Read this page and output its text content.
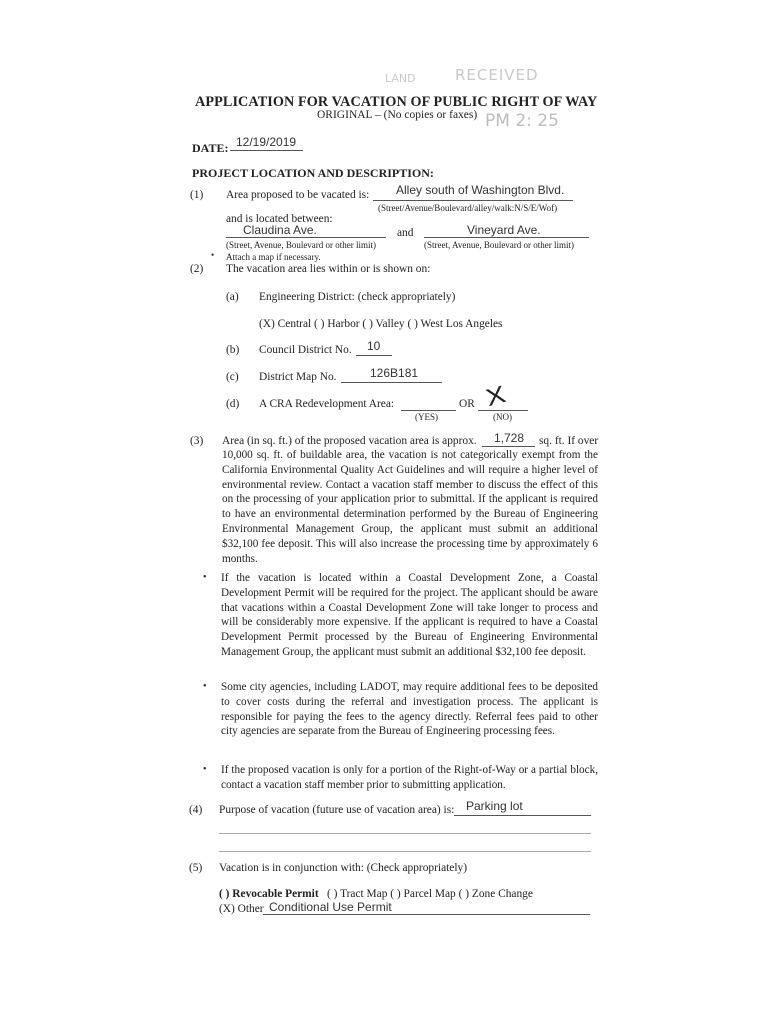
RECEIVED
LAND
PM 2: 25
APPLICATION FOR VACATION OF PUBLIC RIGHT OF WAY
ORIGINAL – (No copies or faxes)
DATE: 12/19/2019
PROJECT LOCATION AND DESCRIPTION:
(1) Area proposed to be vacated is: Alley south of Washington Blvd.
(Street/Avenue/Boulevard/alley/walk:N/S/E/Wof)
and is located between:
Claudina Ave.	and	Vineyard Ave.
(Street, Avenue, Boulevard or other limit)	(Street, Avenue, Boulevard or other limit)
• Attach a map if necessary.
(2) The vacation area lies within or is shown on:
(a) Engineering District: (check appropriately)
(X) Central ( ) Harbor ( ) Valley ( ) West Los Angeles
(b) Council District No. 10
(c) District Map No.	126B181
(d) A CRA Redevelopment Area:	OR
(YES)	(NO)
X
(3) Area (in sq. ft.) of the proposed vacation area is approx. 1,728 sq. ft. If over
10,000 sq. ft. of buildable area, the vacation is not categorically exempt from the California Environmental Quality Act Guidelines and will require a higher level of environmental review. Contact a vacation staff member to discuss the effect of this on the processing of your application prior to submittal. If the applicant is required to have an environmental determination performed by the Bureau of Engineering Environmental Management Group, the applicant must submit an additional $32,100 fee deposit. This will also increase the processing time by approximately 6 months.
• If the vacation is located within a Coastal Development Zone, a Coastal Development Permit will be required for the project. The applicant should be aware that vacations within a Coastal Development Zone will take longer to process and will be considerably more expensive. If the applicant is required to have a Coastal Development Permit processed by the Bureau of Engineering Environmental Management Group, the applicant must submit an additional $32,100 fee deposit.
• Some city agencies, including LADOT, may require additional fees to be deposited to cover costs during the referral and investigation process. The applicant is responsible for paying the fees to the agency directly. Referral fees paid to other city agencies are separate from the Bureau of Engineering processing fees.
• If the proposed vacation is only for a portion of the Right-of-Way or a partial block, contact a vacation staff member prior to submitting application.
(4) Purpose of vacation (future use of vacation area) is: Parking lot
(5) Vacation is in conjunction with: (Check appropriately)
( ) Revocable Permit ( ) Tract Map ( ) Parcel Map ( ) Zone Change
(X) Other Conditional Use Permit
